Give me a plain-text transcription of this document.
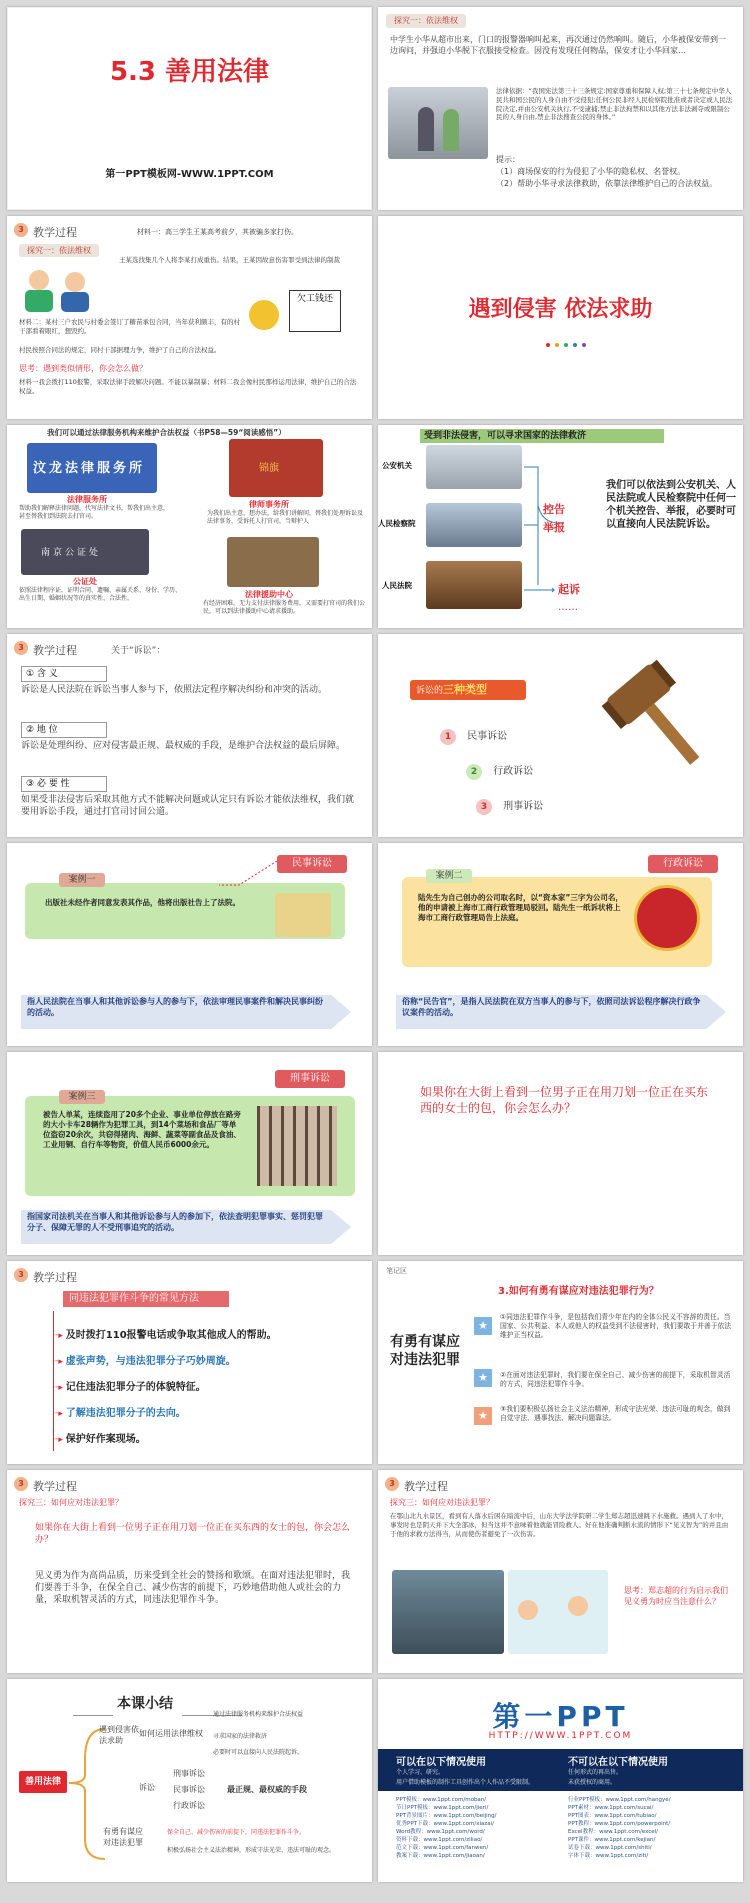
5.3 善用法律
第一PPT模板网-WWW.1PPT.COM
探究一：依法维权

中学生小华从超市出来，门口的报警器响叫起来，再次通过仍然响叫。随后，小华被保安带到一边询问，并强迫小华脱下衣服接受检查。因没有发现任何物品，保安才让小华回家…

法律依据：“我国宪法第三十三条规定:国家尊重和保障人权;第三十七条规定中华人民共和国公民的人身自由不受侵犯;任何公民非经人民检察院批准或者决定或人民法院决定,并由公安机关执行,不受逮捕;禁止非法拘禁和以其他方法非法剥夺或限制公民的人身自由,禁止非法搜查公民的身体。”

提示：

（1）商场保安的行为侵犯了小华的隐私权、名誉权。

（2）帮助小华寻求法律救助，依靠法律维护自己的合法权益。

3 教学过程
探究一：依法维权

材料一：高三学生王某高考前夕，其被骗多家打伤。

王某选找集几个人将李某打成重伤。结果，王某因故意伤害罪受到法律的制裁

材料二：某村三户农民与村委会签订了糖苗承包合同，当年获利颇丰，有的村干部看着眼红，想毁约。

欠工钱还

村民按照合同法的规定，同村干部据理力争，维护了自己的合法权益。

思考：遇到类似情形，你会怎么做？

材料一我会拨打110报警，采取法律手段解决问题。不能以暴制暴；材料二我会像村民那样运用法律，维护自己的合法权益。

遇到侵害 依法求助

我们可以通过法律服务机构来维护合法权益（书P58—59“阅读感悟”）

汶龙法律服务所

法律服务所

帮助我们解释法律问题，代写法律文书，帮我们出主意，甚至替我们到法院去打官司。

南京公证处

公证处

依照法律程序证，证明合同、遗嘱、亲属关系、身份、学历、出生日期、婚姻状况等的真实性、合法性。

锦旗

律师事务所

为我们出主意、想办法，给我们讲解问，替我们处理诉讼及法律事务，受诉托人打官司，当辩护人

法律援助中心

有经济困难，无力支付法律服务费用，又需要打官司的我们公民，可以到法律援助中心请求援助。

受到非法侵害，可以寻求国家的法律救济

公安机关

人民检察院

人民法院

控告

举报

起诉

……

我们可以依法到公安机关、人民法院或人民检察院中任何一个机关控告、举报，必要时可以直接向人民法院诉讼。

3 教学过程	关于“诉讼”：
① 含 义

诉讼是人民法院在诉讼当事人参与下，依照法定程序解决纠纷和冲突的活动。

② 地 位

诉讼是处理纠纷、应对侵害最正规、最权威的手段，是维护合法权益的最后屏障。

③ 必 要 性

如果受非法侵害后采取其他方式不能解决问题或认定只有诉讼才能依法维权，我们就要用诉讼手段，通过打官司讨回公道。

诉讼的三种类型
1 民事诉讼
2 行政诉讼
3 刑事诉讼
案例一
民事诉讼

出版社未经作者同意发表其作品，他将出版社告上了法院。

指人民法院在当事人和其他诉讼参与人的参与下，依法审理民事案件和解决民事纠纷的活动。

案例二
行政诉讼

陆先生为自己创办的公司取名时，以“资本家”三字为公司名，他的申请被上海市工商行政管理局驳回。陆先生一纸诉状将上海市工商行政管理局告上法庭。

俗称“民告官”，是指人民法院在双方当事人的参与下，依照司法诉讼程序解决行政争议案件的活动。

刑事诉讼
案例三

被告人单某，连续盗用了20多个企业、事业单位停放在路旁的大小卡车28辆作为犯罪工具，到14个菜场和食品厂等单位盗窃20余次，共窃得猪肉、海鲜、蔬菜等副食品及食油、工业用铜、自行车等物资，价值人民币6000余元。

指国家司法机关在当事人和其他诉讼参与人的参加下，依法查明犯罪事实、惩罚犯罪分子、保障无罪的人不受刑事追究的活动。

如果你在大街上看到一位男子正在用刀划一位正在买东西的女士的包，你会怎么办？

3 教学过程
同违法犯罪作斗争的常见方法
┈▸ 及时拨打110报警电话或争取其他成人的帮助。
┈▸ 虚张声势，与违法犯罪分子巧妙周旋。
┈▸ 记住违法犯罪分子的体貌特征。
┈▸ 了解违法犯罪分子的去向。
┈▸ 保护好作案现场。

笔记区

有勇有谋应对违法犯罪

3.如何有勇有谋应对违法犯罪行为？

★

①同违法犯罪作斗争，是包括我们青少年在内的全体公民义不容辞的责任。当国家、公共利益、本人或他人的权益受到不法侵害时，我们要敢于并善于依法维护正当权益。

★	②在面对违法犯罪时，我们要在保全自己、减少伤害的前提下，采取机智灵活的方式，同违法犯罪作斗争。

★	③我们要积极弘扬社会主义法治精神，形成守法光荣、违法可耻的观念，做到自觉守法、遇事找法、解决问题靠法。

3 教学过程

探究三：如何应对违法犯罪？

如果你在大街上看到一位男子正在用刀划一位正在买东西的女士的包，你会怎么办？

见义勇为作为高尚品质，历来受到全社会的赞扬和歌颂。在面对违法犯罪时，我们要善于斗争，在保全自己、减少伤害的前提下，巧妙地借助他人或社会的力量，采取机智灵活的方式，同违法犯罪作斗争。

3 教学过程

探究三：如何应对违法犯罪？

在鄂山北九水景区，看到有人落水后困在暗流中后，山东大学法学院研二学生郑志超迅速跳下水施救。遇到人了水中，事发时也是阴天并下大全部冰，但当这并不意味着他就能冒险救人。好在他准确判断水流的情形下“见义智为”的并且由于他的求救方法得当，从而使伤者避免了一次伤害。

思考：郑志超的行为启示我们见义勇为时应当注意什么？

本课小结
善用法律

遇到侵害依法求助

如何运用法律维权

通过法律服务机构来维护合法权益

寻求国家的法律救济

必要时可以直接向人民法院起诉。

诉讼

刑事诉讼

民事诉讼

行政诉讼

最正规、最权威的手段

有勇有谋应对违法犯罪

保全自己、减少伤害的前提下，同违法犯罪作斗争。

积极弘扬社会主义法治精神，形成守法光荣、违法可耻的观念。

第一PPT
HTTP://WWW.1PPT.COM
可以在以下情况使用
个人学习、研究。
用户借助模板的制作工具创作出个人作品不受限制。
不可以在以下情况使用
任何形式的再出售。
未获授权的商用。
PPT模板：www.1ppt.com/moban/
节日PPT模板：www.1ppt.com/jieri/
PPT背景图片：www.1ppt.com/beijing/
优秀PPT下载：www.1ppt.com/xiazai/
Word教程：www.1ppt.com/word/
资料下载：www.1ppt.com/ziliao/
范文下载：www.1ppt.com/fanwen/
教案下载：www.1ppt.com/jiaoan/
行业PPT模板：www.1ppt.com/hangye/
PPT素材：www.1ppt.com/sucai/
PPT图表：www.1ppt.com/tubiao/
PPT教程：www.1ppt.com/powerpoint/
Excel教程：www.1ppt.com/excel/
PPT课件：www.1ppt.com/kejian/
试卷下载：www.1ppt.com/shiti/
字体下载：www.1ppt.com/ziti/
